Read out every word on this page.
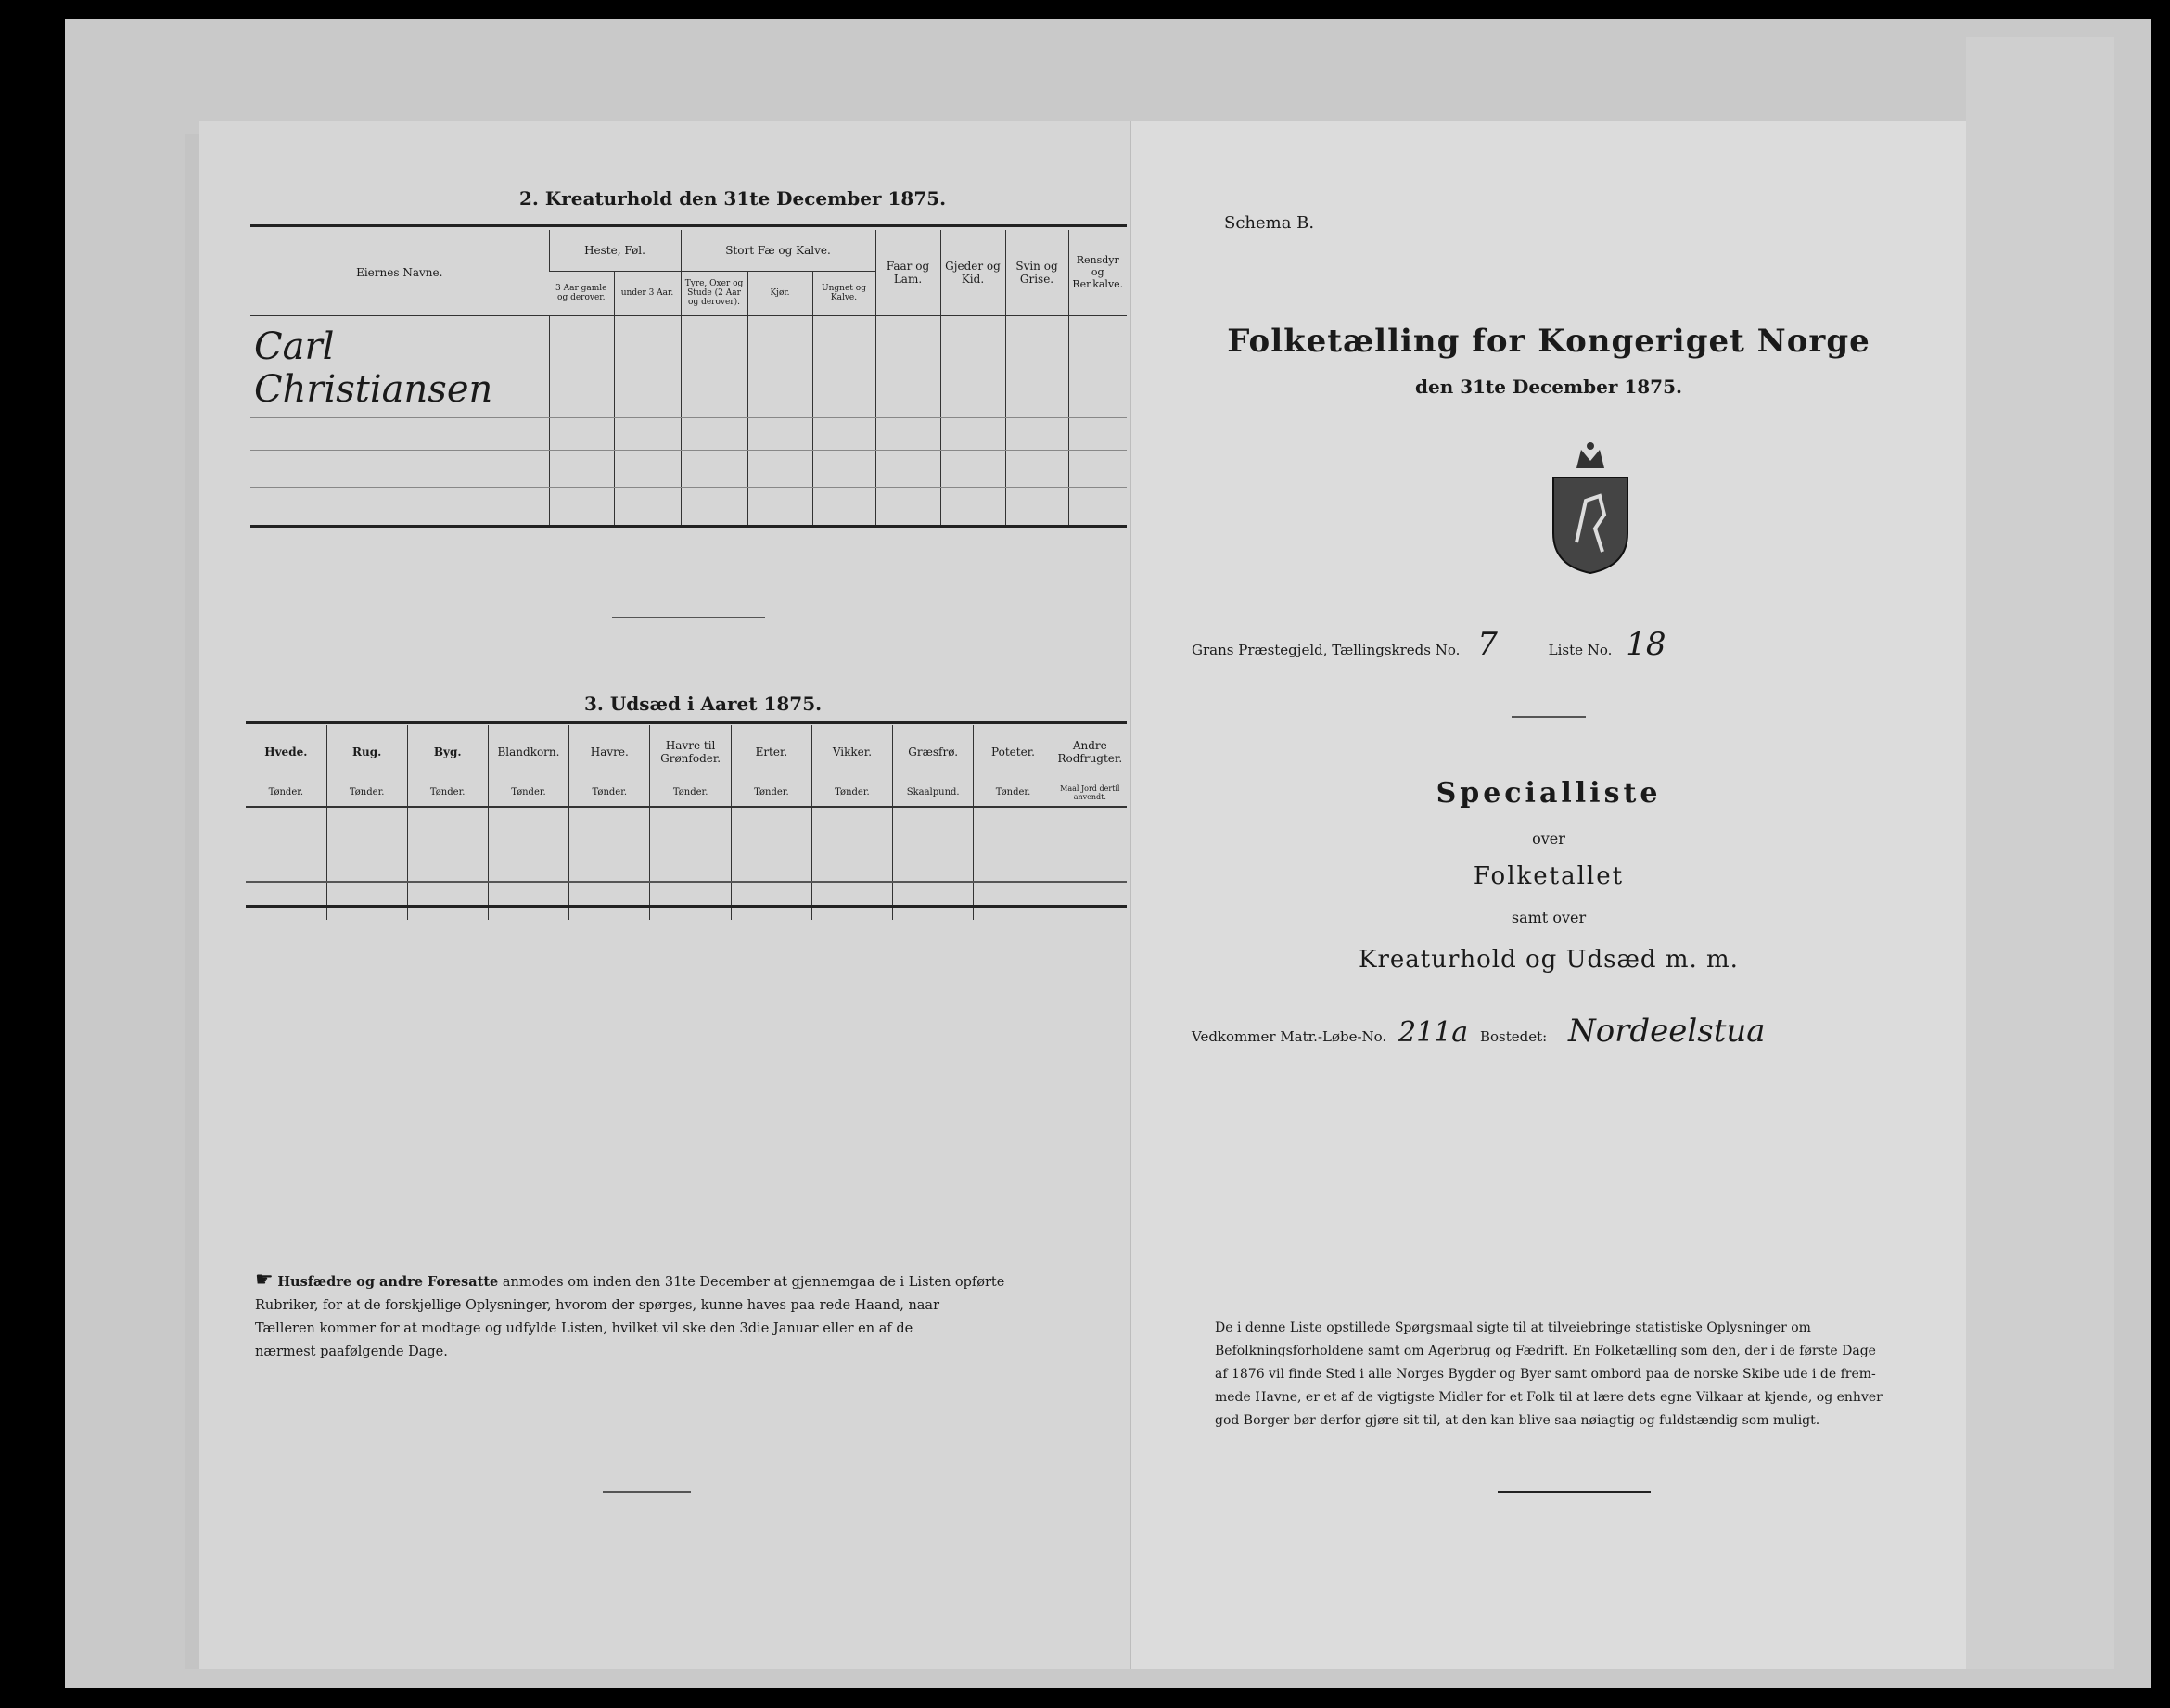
2. Kreaturhold den 31te December 1875.
Eiernes Navne.	Heste, Føl.		Stort Fæ og Kalve.			Faar og Lam.	Gjeder og Kid.	Svin og Grise.	Rensdyr og Renkalve.
	3 Aar gamle og derover.	under 3 Aar.	Tyre, Oxer og Stude (2 Aar og derover).	Kjør.	Ungnet og Kalve.				

Carl Christiansen									

3. Udsæd i Aaret 1875.
Hvede.	Rug.	Byg.	Blandkorn.	Havre.	Havre til Grønfoder.	Erter.	Vikker.	Græsfrø.	Poteter.	Andre Rodfrugter.
Tønder.	Tønder.	Tønder.	Tønder.	Tønder.	Tønder.	Tønder.	Tønder.	Skaalpund.	Tønder.	Maal Jord dertil anvendt.

☛ Husfædre og andre Foresatte anmodes om inden den 31te December at gjennemgaa de i Listen opførte
Rubriker, for at de forskjellige Oplysninger, hvorom der spørges, kunne haves paa rede Haand, naar
Tælleren kommer for at modtage og udfylde Listen, hvilket vil ske den 3die Januar eller en af de
nærmest paafølgende Dage.
Schema B.
Folketælling for Kongeriget Norge
den 31te December 1875.
Grans Præstegjeld, Tællingskreds No. 7	Liste No. 18
Specialliste
over
Folketallet
samt over
Kreaturhold og Udsæd m. m.
Vedkommer Matr.-Løbe-No. 211a Bostedet: Nordeelstua
De i denne Liste opstillede Spørgsmaal sigte til at tilveiebringe statistiske Oplysninger om
Befolkningsforholdene samt om Agerbrug og Fædrift. En Folketælling som den, der i de første Dage
af 1876 vil finde Sted i alle Norges Bygder og Byer samt ombord paa de norske Skibe ude i de frem-
mede Havne, er et af de vigtigste Midler for et Folk til at lære dets egne Vilkaar at kjende, og enhver
god Borger bør derfor gjøre sit til, at den kan blive saa nøiagtig og fuldstændig som muligt.
